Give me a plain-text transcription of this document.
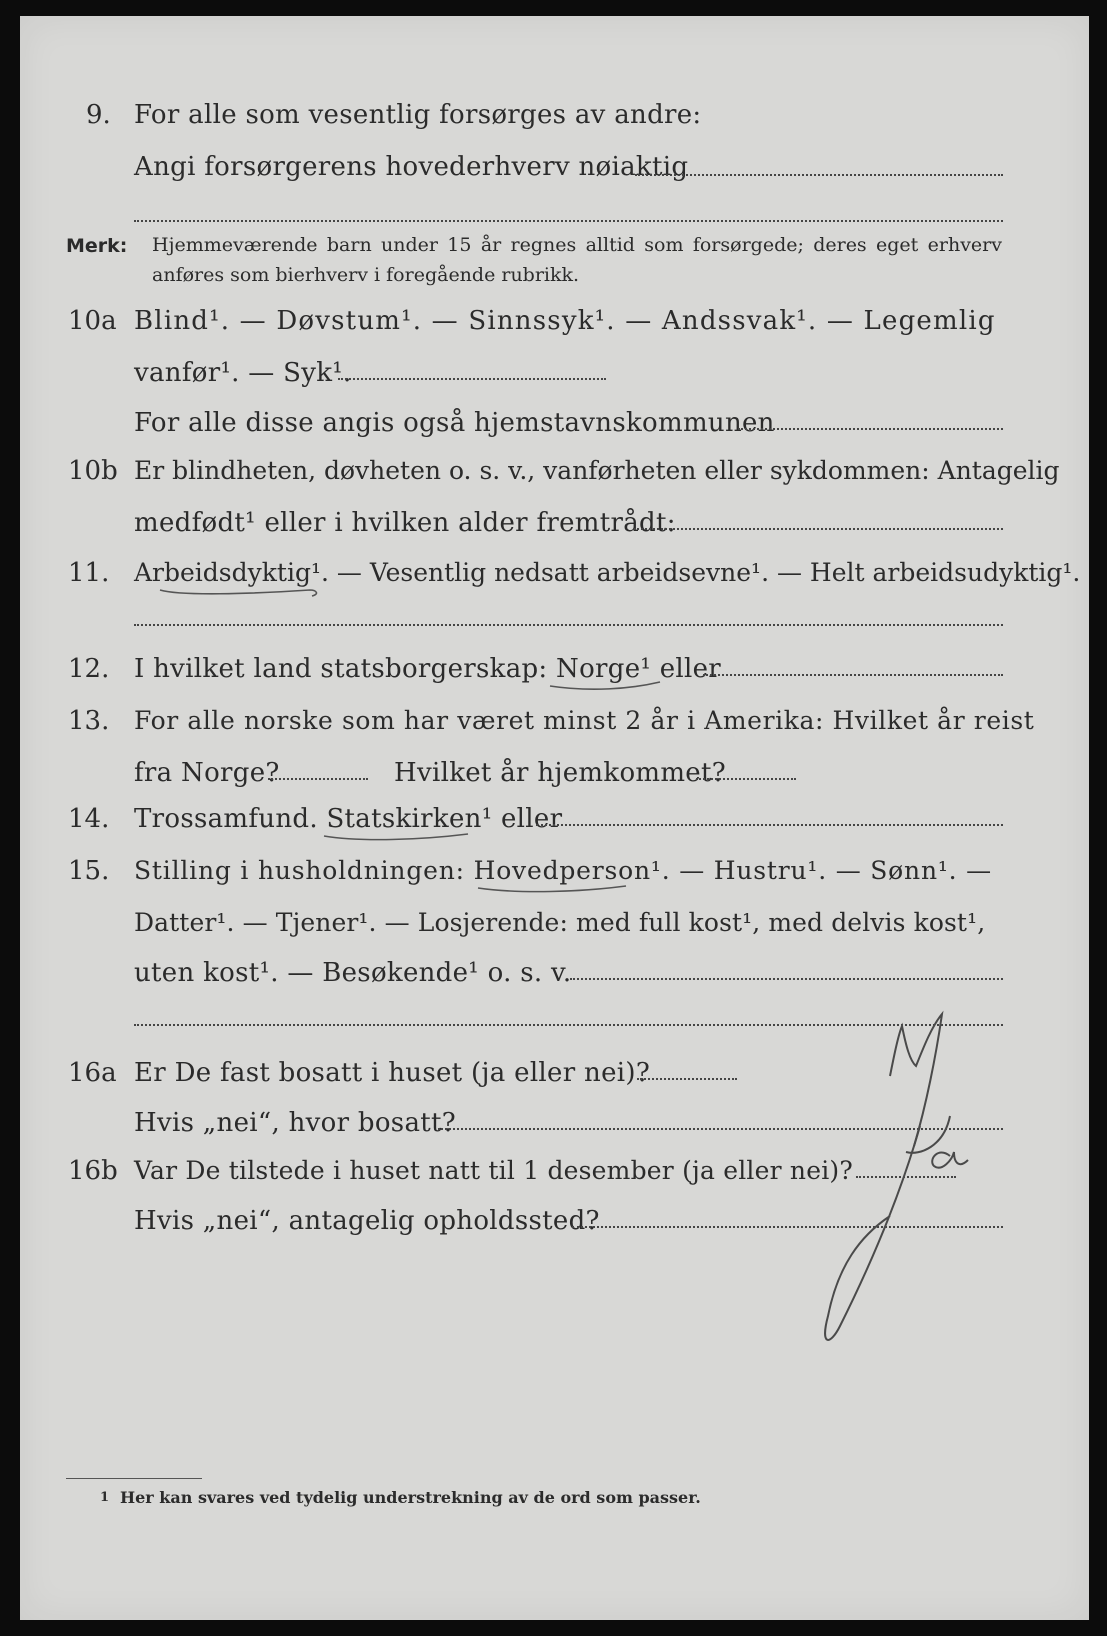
9. For alle som vesentlig forsørges av andre:
Angi forsørgerens hovederhverv nøiaktig
Merk: Hjemmeværende barn under 15 år regnes alltid som forsørgede; deres eget erhverv anføres som bierhverv i foregående rubrikk.
10a Blind¹. — Døvstum¹. — Sinnssyk¹. — Andssvak¹. — Legemlig
vanfør¹. — Syk¹.
For alle disse angis også hjemstavnskommunen
10b Er blindheten, døvheten o. s. v., vanførheten eller sykdommen: Antagelig
medfødt¹ eller i hvilken alder fremtrådt:
11. Arbeidsdyktig¹. — Vesentlig nedsatt arbeidsevne¹. — Helt arbeidsudyktig¹.
12. I hvilket land statsborgerskap: Norge¹ eller
13. For alle norske som har været minst 2 år i Amerika: Hvilket år reist
fra Norge?	Hvilket år hjemkommet?
14. Trossamfund. Statskirken¹ eller
15. Stilling i husholdningen: Hovedperson¹. — Hustru¹. — Sønn¹. —
Datter¹. — Tjener¹. — Losjerende: med full kost¹, med delvis kost¹,
uten kost¹. — Besøkende¹ o. s. v.
16a Er De fast bosatt i huset (ja eller nei)?
Hvis „nei“, hvor bosatt?
16b Var De tilstede i huset natt til 1 desember (ja eller nei)?
Hvis „nei“, antagelig opholdssted?
1 Her kan svares ved tydelig understrekning av de ord som passer.
